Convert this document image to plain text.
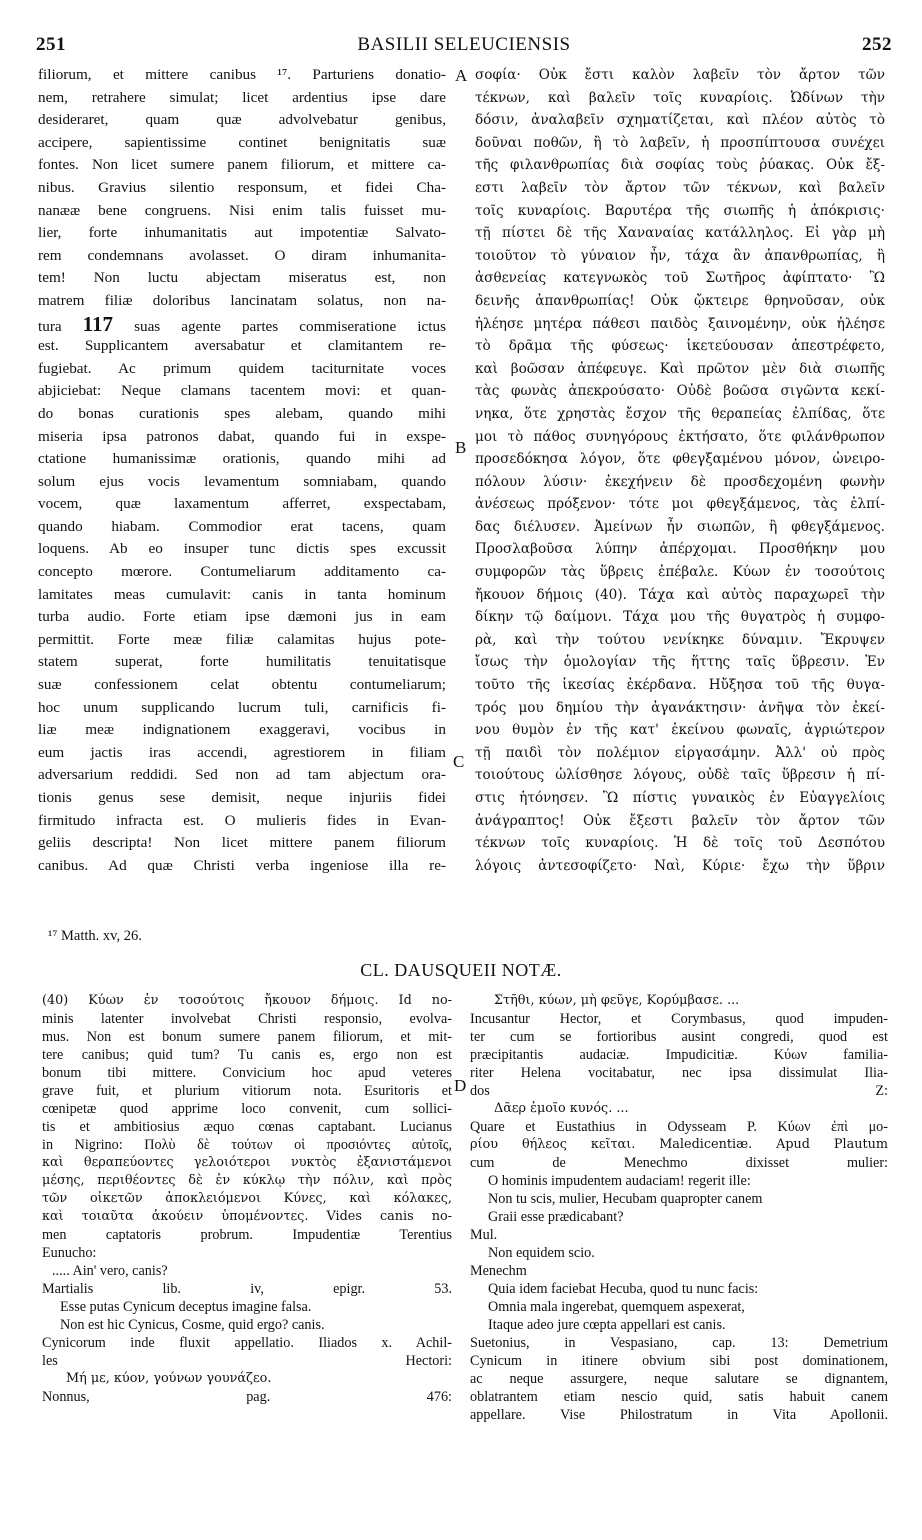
251	BASILII SELEUCIENSIS	252
A
B
C
D
filiorum, et mittere canibus ¹⁷. Parturiens donatio-
nem, retrahere simulat; licet ardentius ipse dare
desideraret, quam quæ advolvebatur genibus,
accipere, sapientissime continet benignitatis suæ
fontes. Non licet sumere panem filiorum, et mittere ca-
nibus. Gravius silentio responsum, et fidei Cha-
nanææ bene congruens. Nisi enim talis fuisset mu-
lier, forte inhumanitatis aut impotentiæ Salvato-
rem condemnans avolasset. O diram inhumanita-
tem! Non luctu abjectam miseratus est, non
matrem filiæ doloribus lancinatam solatus, non na-
tura 117 suas agente partes commiseratione ictus
est. Supplicantem aversabatur et clamitantem re-
fugiebat. Ac primum quidem taciturnitate voces
abjiciebat: Neque clamans tacentem movi: et quan-
do bonas curationis spes alebam, quando mihi
miseria ipsa patronos dabat, quando fui in exspe-
ctatione humanissimæ orationis, quando mihi ad
solum ejus vocis levamentum somniabam, quando
vocem, quæ laxamentum afferret, exspectabam,
quando hiabam. Commodior erat tacens, quam
loquens. Ab eo insuper tunc dictis spes excussit
concepto mœrore. Contumeliarum additamento ca-
lamitates meas cumulavit: canis in tanta hominum
turba audio. Forte etiam ipse dæmoni jus in eam
permittit. Forte meæ filiæ calamitas hujus pote-
statem superat, forte humilitatis tenuitatisque
suæ confessionem celat obtentu contumeliarum;
hoc unum supplicando lucrum tuli, carnificis fi-
liæ meæ indignationem exaggeravi, vocibus in
eum jactis iras accendi, agrestiorem in filiam
adversarium reddidi. Sed non ad tam abjectum ora-
tionis genus sese demisit, neque injuriis fidei
firmitudo infracta est. O mulieris fides in Evan-
geliis descripta! Non licet mittere panem filiorum
canibus. Ad quæ Christi verba ingeniose illa re-
σοφία· Οὐκ ἔστι καλὸν λαβεῖν τὸν ἄρτον τῶν
τέκνων, καὶ βαλεῖν τοῖς κυναρίοις. Ὠδίνων τὴν
δόσιν, ἀναλαβεῖν σχηματίζεται, καὶ πλέον αὐτὸς τὸ
δοῦναι ποθῶν, ἢ τὸ λαβεῖν, ἡ προσπίπτουσα συνέχει
τῆς φιλανθρωπίας διὰ σοφίας τοὺς ῥύακας. Οὐκ ἔξ-
εστι λαβεῖν τὸν ἄρτον τῶν τέκνων, καὶ βαλεῖν
τοῖς κυναρίοις. Βαρυτέρα τῆς σιωπῆς ἡ ἀπόκρισις·
τῇ πίστει δὲ τῆς Χαναναίας κατάλληλος. Εἰ γὰρ μὴ
τοιοῦτον τὸ γύναιον ἦν, τάχα ἂν ἀπανθρωπίας, ἢ
ἀσθενείας κατεγνωκὸς τοῦ Σωτῆρος ἀφίπτατο· Ὢ
δεινῆς ἀπανθρωπίας! Οὐκ ᾤκτειρε θρηνοῦσαν, οὐκ
ἠλέησε μητέρα πάθεσι παιδὸς ξαινομένην, οὐκ ἠλέησε
τὸ δρᾶμα τῆς φύσεως· ἱκετεύουσαν ἀπεστρέφετο,
καὶ βοῶσαν ἀπέφευγε. Καὶ πρῶτον μὲν διὰ σιωπῆς
τὰς φωνὰς ἀπεκρούσατο· Οὐδὲ βοῶσα σιγῶντα κεκί-
νηκα, ὅτε χρηστὰς ἔσχον τῆς θεραπείας ἐλπίδας, ὅτε
μοι τὸ πάθος συνηγόρους ἐκτήσατο, ὅτε φιλάνθρωπον
προσεδόκησα λόγον, ὅτε φθεγξαμένου μόνον, ὠνειρο-
πόλουν λύσιν· ἐκεχήνειν δὲ προσδεχομένη φωνὴν
ἀνέσεως πρόξενον· τότε μοι φθεγξάμενος, τὰς ἐλπί-
δας διέλυσεν. Ἀμείνων ἦν σιωπῶν, ἢ φθεγξάμενος.
Προσλαβοῦσα λύπην ἀπέρχομαι. Προσθήκην μου
συμφορῶν τὰς ὕβρεις ἐπέβαλε. Κύων ἐν τοσούτοις
ἤκουον δήμοις (40). Τάχα καὶ αὐτὸς παραχωρεῖ τὴν
δίκην τῷ δαίμονι. Τάχα μου τῆς θυγατρὸς ἡ συμφο-
ρὰ, καὶ τὴν τούτου νενίκηκε δύναμιν. Ἔκρυψεν
ἴσως τὴν ὁμολογίαν τῆς ἥττης ταῖς ὕβρεσιν. Ἐν
τοῦτο τῆς ἱκεσίας ἐκέρδανα. Ηὔξησα τοῦ τῆς θυγα-
τρός μου δημίου τὴν ἀγανάκτησιν· ἀνῆψα τὸν ἐκεί-
νου θυμὸν ἐν τῆς κατ' ἐκείνου φωναῖς, ἀγριώτερον
τῇ παιδὶ τὸν πολέμιον εἰργασάμην. Ἀλλ' οὐ πρὸς
τοιούτους ὠλίσθησε λόγους, οὐδὲ ταῖς ὕβρεσιν ἡ πί-
στις ἡτόνησεν. Ὢ πίστις γυναικὸς ἐν Εὐαγγελίοις
ἀνάγραπτος! Οὐκ ἔξεστι βαλεῖν τὸν ἄρτον τῶν
τέκνων τοῖς κυναρίοις. Ἡ δὲ τοῖς τοῦ Δεσπότου
λόγοις ἀντεσοφίζετο· Ναὶ, Κύριε· ἔχω τὴν ὕβριν
¹⁷ Matth. xv, 26.
CL. DAUSQUEII NOTÆ.
(40) Κύων ἐν τοσούτοις ἤκουον δήμοις. Id no-
minis latenter involvebat Christi responsio, evolva-
mus. Non est bonum sumere panem filiorum, et mit-
tere canibus; quid tum? Tu canis es, ergo non est
bonum tibi mittere. Convicium hoc apud veteres
grave fuit, et plurium vitiorum nota. Esuritoris et
cœnipetæ quod apprime loco convenit, cum sollici-
tis et ambitiosius æquo cœnas captabant. Lucianus
in Nigrino: Πολὺ δὲ τούτων οἱ προσιόντες αὐτοῖς,
καὶ θεραπεύοντες γελοιότεροι νυκτὸς ἐξανιστάμενοι
μέσης, περιθέοντες δὲ ἐν κύκλῳ τὴν πόλιν, καὶ πρὸς
τῶν οἰκετῶν ἀποκλειόμενοι Κύνες, καὶ κόλακες,
καὶ τοιαῦτα ἀκούειν ὑπομένοντες. Vides canis no-
men captatoris probrum. Impudentiæ Terentius
Eunucho:
..... Ain' vero, canis?
Martialis lib. iv, epigr. 53.
Esse putas Cynicum deceptus imagine falsa.
Non est hic Cynicus, Cosme, quid ergo? canis.
Cynicorum inde fluxit appellatio. Iliados x. Achil-
les Hectori:
Μή με, κύον, γούνων γουνάζεο.
Nonnus, pag. 476:
Στῆθι, κύων, μὴ φεῦγε, Κορύμβασε. ...
Incusantur Hector, et Corymbasus, quod impuden-
ter cum se fortioribus ausint congredi, quod est
præcipitantis audaciæ. Impudicitiæ. Κύων familia-
riter Helena vocitabatur, nec ipsa dissimulat Ilia-
dos Z:
Δᾶερ ἐμοῖο κυνός. ...
Quare et Eustathius in Odysseam P. Κύων ἐπὶ μο-
ρίου θήλεος κεῖται. Maledicentiæ. Apud Plautum
cum de Menechmo dixisset mulier:
O hominis impudentem audaciam! regerit ille:
Non tu scis, mulier, Hecubam quapropter canem
Graii esse prædicabant?
Mul.
Non equidem scio.
Menechm
Quia idem faciebat Hecuba, quod tu nunc facis:
Omnia mala ingerebat, quemquem aspexerat,
Itaque adeo jure cœpta appellari est canis.
Suetonius, in Vespasiano, cap. 13: Demetrium
Cynicum in itinere obvium sibi post dominationem,
ac neque assurgere, neque salutare se dignantem,
oblatrantem etiam nescio quid, satis habuit canem
appellare. Vise Philostratum in Vita Apollonii.
